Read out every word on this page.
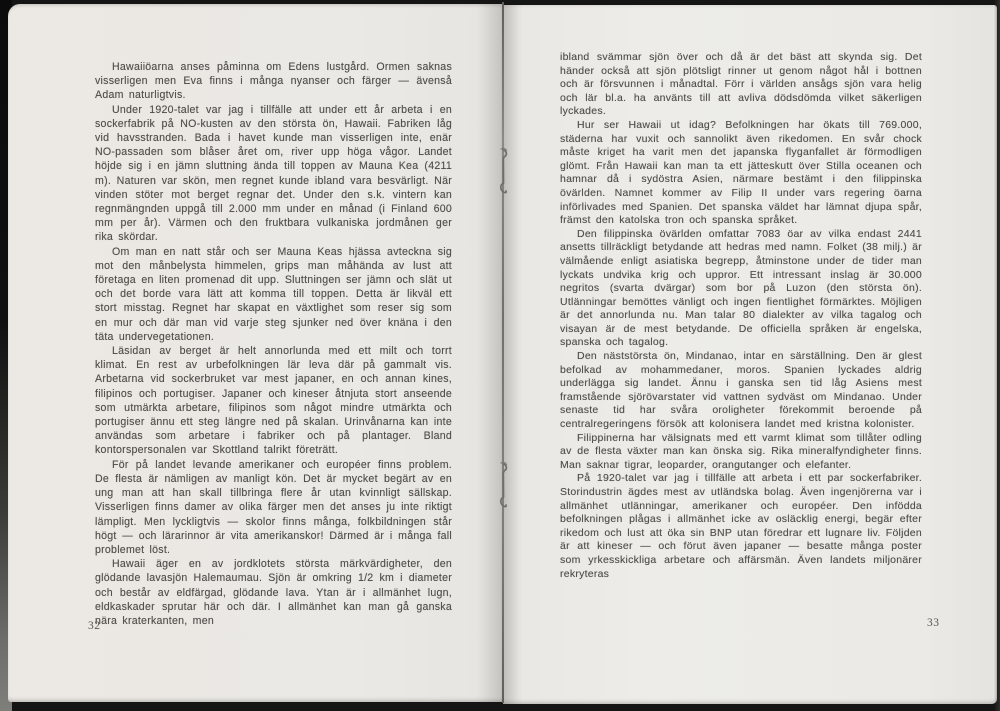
Hawaiiöarna anses påminna om Edens lustgård. Ormen saknas visserligen men Eva finns i många nyanser och färger — ävenså Adam naturligtvis.

Under 1920-talet var jag i tillfälle att under ett år arbeta i en sockerfabrik på NO-kusten av den största ön, Hawaii. Fabriken låg vid havsstranden. Bada i havet kunde man visserligen inte, enär NO-passaden som blåser året om, river upp höga vågor. Landet höjde sig i en jämn sluttning ända till toppen av Mauna Kea (4211 m). Naturen var skön, men regnet kunde ibland vara besvärligt. När vinden stöter mot berget regnar det. Under den s.k. vintern kan regnmängnden uppgå till 2.000 mm under en månad (i Finland 600 mm per år). Värmen och den fruktbara vulkaniska jordmånen ger rika skördar.

Om man en natt står och ser Mauna Keas hjässa avteckna sig mot den månbelysta himmelen, grips man måhända av lust att företaga en liten promenad dit upp. Sluttningen ser jämn och slät ut och det borde vara lätt att komma till toppen. Detta är likväl ett stort misstag. Regnet har skapat en växtlighet som reser sig som en mur och där man vid varje steg sjunker ned över knäna i den täta undervegetationen.

Läsidan av berget är helt annorlunda med ett milt och torrt klimat. En rest av urbefolkningen lär leva där på gammalt vis. Arbetarna vid sockerbruket var mest japaner, en och annan kines, filipinos och portugiser. Japaner och kineser åtnjuta stort anseende som utmärkta arbetare, filipinos som något mindre utmärkta och portugiser ännu ett steg längre ned på skalan. Urinvånarna kan inte användas som arbetare i fabriker och på plantager. Bland kontorspersonalen var Skottland talrikt företrätt.

För på landet levande amerikaner och européer finns problem. De flesta är nämligen av manligt kön. Det är mycket begärt av en ung man att han skall tillbringa flere år utan kvinnligt sällskap. Visserligen finns damer av olika färger men det anses ju inte riktigt lämpligt. Men lyckligtvis — skolor finns många, folkbildningen står högt — och lärarinnor är vita amerikanskor! Därmed är i många fall problemet löst.

Hawaii äger en av jordklotets största märkvärdigheter, den glödande lavasjön Halemaumau. Sjön är omkring 1/2 km i diameter och består av eldfärgad, glödande lava. Ytan är i allmänhet lugn, eldkaskader sprutar här och där. I allmänhet kan man gå ganska nära kraterkanten, men

32

ibland svämmar sjön över och då är det bäst att skynda sig. Det händer också att sjön plötsligt rinner ut genom något hål i bottnen och är försvunnen i månadtal. Förr i världen ansågs sjön vara helig och lär bl.a. ha använts till att avliva dödsdömda vilket säkerligen lyckades.

Hur ser Hawaii ut idag? Befolkningen har ökats till 769.000, städerna har vuxit och sannolikt även rikedomen. En svår chock måste kriget ha varit men det japanska flyganfallet är förmodligen glömt. Från Hawaii kan man ta ett jätteskutt över Stilla oceanen och hamnar då i sydöstra Asien, närmare bestämt i den filippinska övärlden. Namnet kommer av Filip II under vars regering öarna införlivades med Spanien. Det spanska väldet har lämnat djupa spår, främst den katolska tron och spanska språket.

Den filippinska övärlden omfattar 7083 öar av vilka endast 2441 ansetts tillräckligt betydande att hedras med namn. Folket (38 milj.) är välmående enligt asiatiska begrepp, åtminstone under de tider man lyckats undvika krig och uppror. Ett intressant inslag är 30.000 negritos (svarta dvärgar) som bor på Luzon (den största ön). Utlänningar bemöttes vänligt och ingen fientlighet förmärktes. Möjligen är det annorlunda nu. Man talar 80 dialekter av vilka tagalog och visayan är de mest betydande. De officiella språken är engelska, spanska och tagalog.

Den näststörsta ön, Mindanao, intar en särställning. Den är glest befolkad av mohammedaner, moros. Spanien lyckades aldrig underlägga sig landet. Ännu i ganska sen tid låg Asiens mest framstående sjörövarstater vid vattnen sydväst om Mindanao. Under senaste tid har svåra oroligheter förekommit beroende på centralregeringens försök att kolonisera landet med kristna kolonister.

Filippinerna har välsignats med ett varmt klimat som tillåter odling av de flesta växter man kan önska sig. Rika mineralfyndigheter finns. Man saknar tigrar, leoparder, orangutanger och elefanter.

På 1920-talet var jag i tillfälle att arbeta i ett par sockerfabriker. Storindustrin ägdes mest av utländska bolag. Även ingenjörerna var i allmänhet utlänningar, amerikaner och européer. Den infödda befolkningen plågas i allmänhet icke av osläcklig energi, begär efter rikedom och lust att öka sin BNP utan föredrar ett lugnare liv. Följden är att kineser — och förut även japaner — besatte många poster som yrkesskickliga arbetare och affärsmän. Även landets miljonärer rekryteras

33
